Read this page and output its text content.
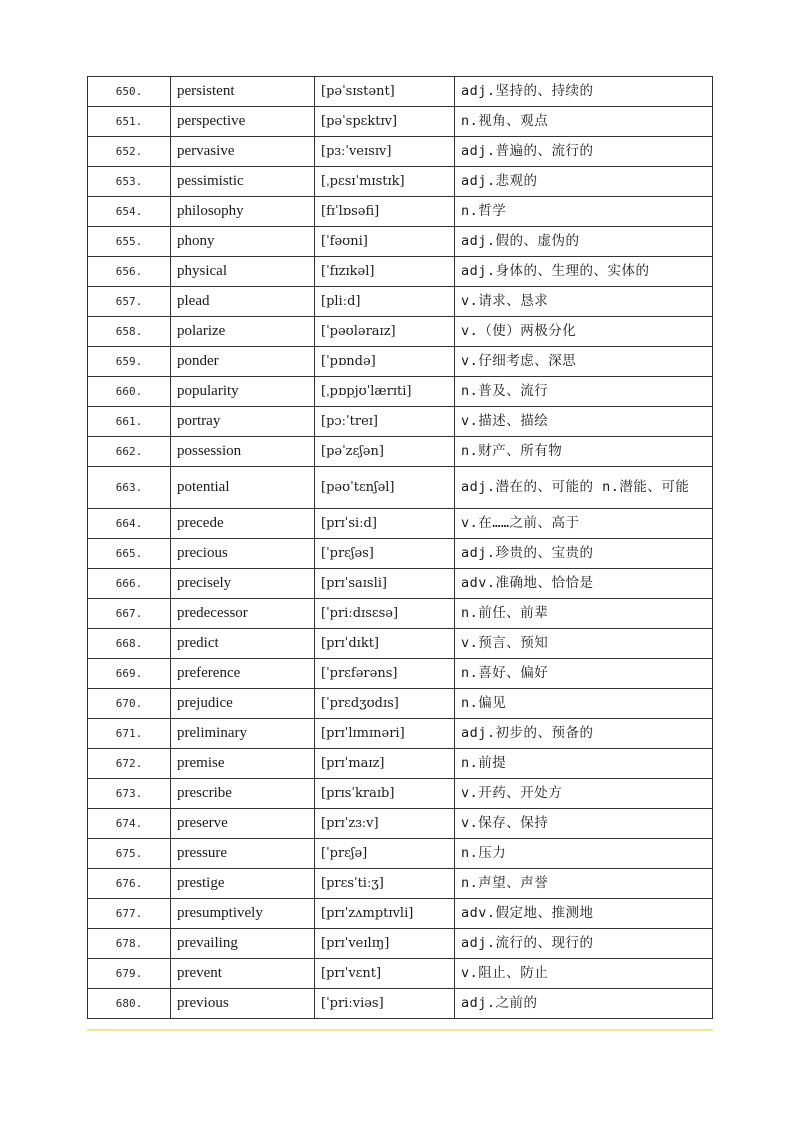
650.	persistent	[pəˈsɪstənt]	adj.坚持的、持续的
651.	perspective	[pəˈspɛktɪv]	n.视角、观点
652.	pervasive	[pɜːˈveɪsɪv]	adj.普遍的、流行的
653.	pessimistic	[ˌpɛsɪˈmɪstɪk]	adj.悲观的
654.	philosophy	[fɪˈlɒsəfi]	n.哲学
655.	phony	[ˈfəʊni]	adj.假的、虚伪的
656.	physical	[ˈfɪzɪkəl]	adj.身体的、生理的、实体的
657.	plead	[pliːd]	v.请求、恳求
658.	polarize	[ˈpəʊləraɪz]	v.（使）两极分化
659.	ponder	[ˈpɒndə]	v.仔细考虑、深思
660.	popularity	[ˌpɒpjʊˈlærɪti]	n.普及、流行
661.	portray	[pɔːˈtreɪ]	v.描述、描绘
662.	possession	[pəˈzɛʃən]	n.财产、所有物
663.	potential	[pəʊˈtɛnʃəl]	adj.潜在的、可能的 n.潜能、可能
664.	precede	[prɪˈsiːd]	v.在……之前、高于
665.	precious	[ˈprɛʃəs]	adj.珍贵的、宝贵的
666.	precisely	[prɪˈsaɪsli]	adv.准确地、恰恰是
667.	predecessor	[ˈpriːdɪsɛsə]	n.前任、前辈
668.	predict	[prɪˈdɪkt]	v.预言、预知
669.	preference	[ˈprɛfərəns]	n.喜好、偏好
670.	prejudice	[ˈprɛdʒʊdɪs]	n.偏见
671.	preliminary	[prɪˈlɪmɪnəri]	adj.初步的、预备的
672.	premise	[prɪˈmaɪz]	n.前提
673.	prescribe	[prɪsˈkraɪb]	v.开药、开处方
674.	preserve	[prɪˈzɜːv]	v.保存、保持
675.	pressure	[ˈprɛʃə]	n.压力
676.	prestige	[prɛsˈtiːʒ]	n.声望、声誉
677.	presumptively	[prɪˈzʌmptɪvli]	adv.假定地、推测地
678.	prevailing	[prɪˈveɪlɪŋ]	adj.流行的、现行的
679.	prevent	[prɪˈvɛnt]	v.阻止、防止
680.	previous	[ˈpriːviəs]	adj.之前的
